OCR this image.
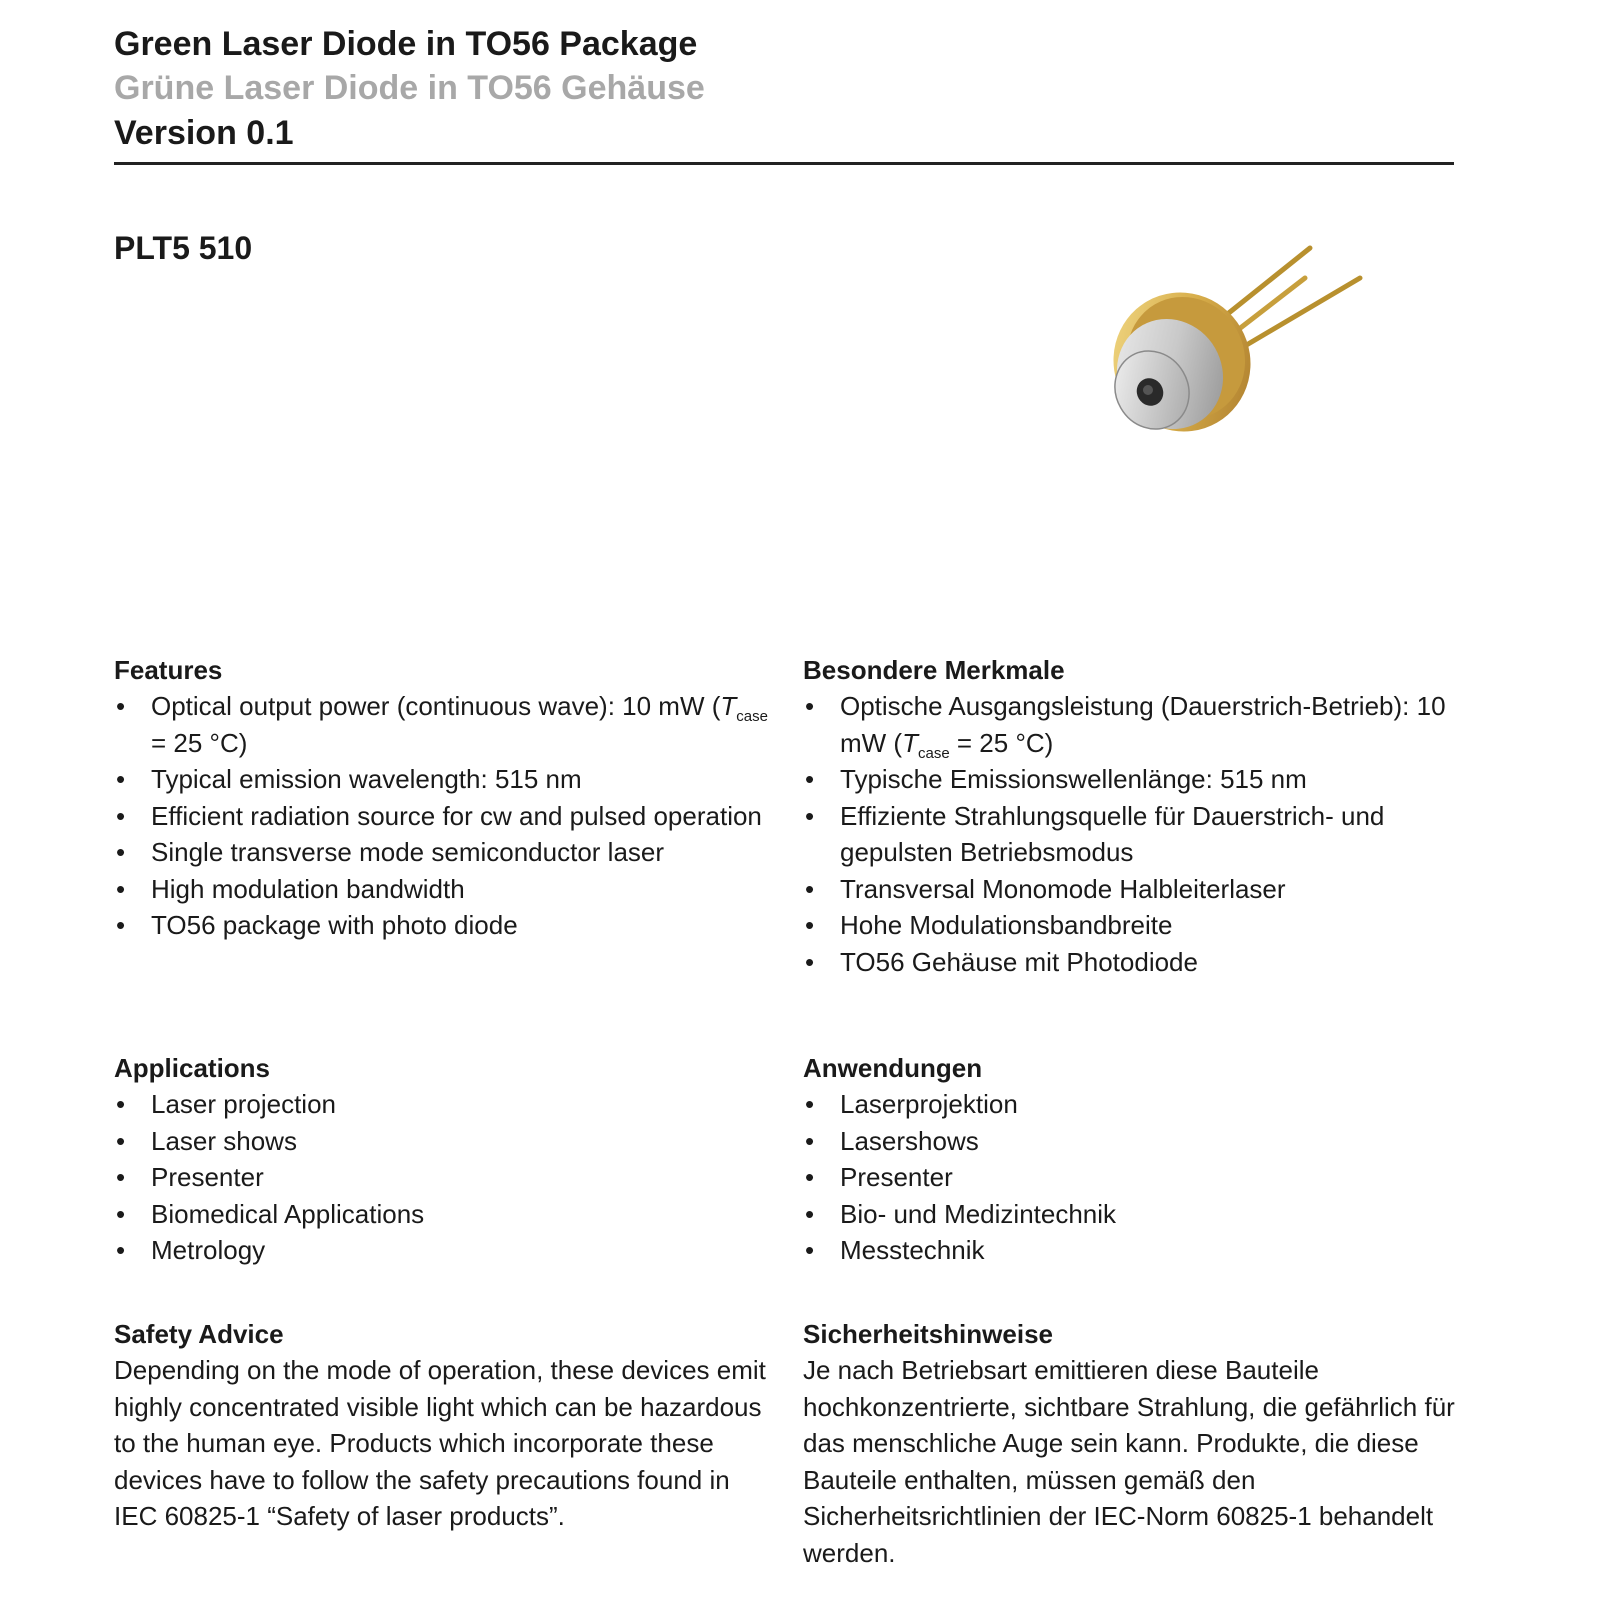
Green Laser Diode in TO56 Package
Grüne Laser Diode in TO56 Gehäuse
Version 0.1
PLT5 510
Features
• Optical output power (continuous wave): 10 mW ($T_{case} = 25$ °C)
• Typical emission wavelength: 515 nm
• Efficient radiation source for cw and pulsed operation
• Single transverse mode semiconductor laser
• High modulation bandwidth
• TO56 package with photo diode
Besondere Merkmale
• Optische Ausgangsleistung (Dauerstrich-Betrieb): 10 mW ($T_{case} = 25$ °C)
• Typische Emissionswellenlänge: 515 nm
• Effiziente Strahlungsquelle für Dauerstrich- und gepulsten Betriebsmodus
• Transversal Monomode Halbleiterlaser
• Hohe Modulationsbandbreite
• TO56 Gehäuse mit Photodiode
Applications
• Laser projection
• Laser shows
• Presenter
• Biomedical Applications
• Metrology
Anwendungen
• Laserprojektion
• Lasershows
• Presenter
• Bio- und Medizintechnik
• Messtechnik
Safety Advice

Depending on the mode of operation, these devices emit highly concentrated visible light which can be hazardous to the human eye. Products which incorporate these devices have to follow the safety precautions found in IEC 60825-1 “Safety of laser products”.

Sicherheitshinweise

Je nach Betriebsart emittieren diese Bauteile hochkonzentrierte, sichtbare Strahlung, die gefährlich für das menschliche Auge sein kann. Produkte, die diese Bauteile enthalten, müssen gemäß den Sicherheitsrichtlinien der IEC-Norm 60825-1 behandelt werden.
